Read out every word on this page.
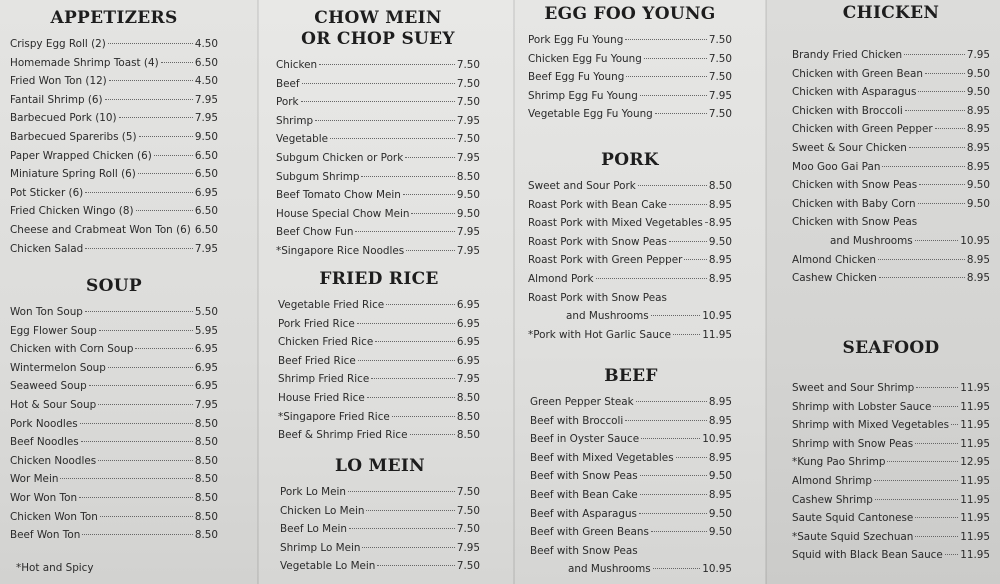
APPETIZERS
Crispy Egg Roll (2)	4.50
Homemade Shrimp Toast (4)	6.50
Fried Won Ton (12)	4.50
Fantail Shrimp (6)	7.95
Barbecued Pork (10)	7.95
Barbecued Spareribs (5)	9.50
Paper Wrapped Chicken (6)	6.50
Miniature Spring Roll (6)	6.50
Pot Sticker (6)	6.95
Fried Chicken Wingo (8)	6.50
Cheese and Crabmeat Won Ton (6) 6.50
Chicken Salad	7.95
SOUP
Won Ton Soup	5.50
Egg Flower Soup	5.95
Chicken with Corn Soup	6.95
Wintermelon Soup	6.95
Seaweed Soup	6.95
Hot & Sour Soup	7.95
Pork Noodles	8.50
Beef Noodles	8.50
Chicken Noodles	8.50
Wor Mein	8.50
Wor Won Ton	8.50
Chicken Won Ton	8.50
Beef Won Ton	8.50
*Hot and Spicy
CHOW MEIN
OR CHOP SUEY
Chicken	7.50
Beef	7.50
Pork	7.50
Shrimp	7.95
Vegetable	7.50
Subgum Chicken or Pork	7.95
Subgum Shrimp	8.50
Beef Tomato Chow Mein	9.50
House Special Chow Mein	9.50
Beef Chow Fun	7.95
*Singapore Rice Noodles	7.95
FRIED RICE
Vegetable Fried Rice	6.95
Pork Fried Rice	6.95
Chicken Fried Rice	6.95
Beef Fried Rice	6.95
Shrimp Fried Rice	7.95
House Fried Rice	8.50
*Singapore Fried Rice	8.50
Beef & Shrimp Fried Rice	8.50
LO MEIN
Pork Lo Mein	7.50
Chicken Lo Mein	7.50
Beef Lo Mein	7.50
Shrimp Lo Mein	7.95
Vegetable Lo Mein	7.50
EGG FOO YOUNG
Pork Egg Fu Young	7.50
Chicken Egg Fu Young	7.50
Beef Egg Fu Young	7.50
Shrimp Egg Fu Young	7.95
Vegetable Egg Fu Young	7.50
PORK
Sweet and Sour Pork	8.50
Roast Pork with Bean Cake	8.95
Roast Pork with Mixed Vegetables 8.95
Roast Pork with Snow Peas	9.50
Roast Pork with Green Pepper	8.95
Almond Pork	8.95
Roast Pork with Snow Peas
and Mushrooms	10.95
*Pork with Hot Garlic Sauce	11.95
BEEF
Green Pepper Steak	8.95
Beef with Broccoli	8.95
Beef in Oyster Sauce	10.95
Beef with Mixed Vegetables	8.95
Beef with Snow Peas	9.50
Beef with Bean Cake	8.95
Beef with Asparagus	9.50
Beef with Green Beans	9.50
Beef with Snow Peas
and Mushrooms	10.95
CHICKEN
Brandy Fried Chicken	7.95
Chicken with Green Bean	9.50
Chicken with Asparagus	9.50
Chicken with Broccoli	8.95
Chicken with Green Pepper	8.95
Sweet & Sour Chicken	8.95
Moo Goo Gai Pan	8.95
Chicken with Snow Peas	9.50
Chicken with Baby Corn	9.50
Chicken with Snow Peas
and Mushrooms	10.95
Almond Chicken	8.95
Cashew Chicken	8.95
SEAFOOD
Sweet and Sour Shrimp	11.95
Shrimp with Lobster Sauce	11.95
Shrimp with Mixed Vegetables 11.95
Shrimp with Snow Peas	11.95
*Kung Pao Shrimp	12.95
Almond Shrimp	11.95
Cashew Shrimp	11.95
Saute Squid Cantonese	11.95
*Saute Squid Szechuan	11.95
Squid with Black Bean Sauce 11.95
